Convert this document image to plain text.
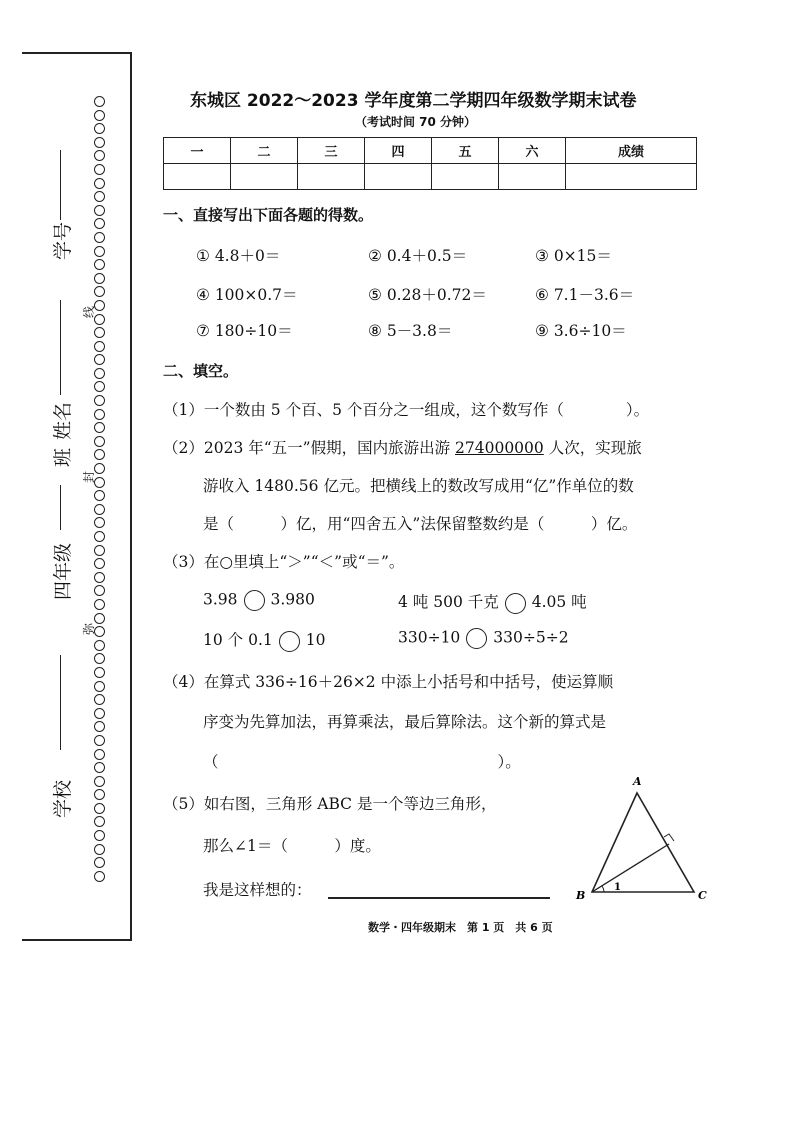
学校
四年级
班
姓名
学号
弥
封
线
东城区 2022～2023 学年度第二学期四年级数学期末试卷
（考试时间 70 分钟）
一	二	三	四	五	六	成绩

一、直接写出下面各题的得数。
① 4.8＋0＝	② 0.4＋0.5＝	③ 0×15＝
④ 100×0.7＝	⑤ 0.28＋0.72＝	⑥ 7.1－3.6＝
⑦ 180÷10＝	⑧ 5－3.8＝	⑨ 3.6÷10＝
二、填空。
（1）一个数由 5 个百、5 个百分之一组成，这个数写作（　　　　）。
（2）2023 年“五一”假期，国内旅游出游 274000000 人次，实现旅
游收入 1480.56 亿元。把横线上的数改写成用“亿”作单位的数
是（　　　）亿，用“四舍五入”法保留整数约是（　　　）亿。
（3）在○里填上“＞”“＜”或“＝”。
3.98 3.980	4 吨 500 千克 4.05 吨
10 个 0.1 10	330÷10 330÷5÷2
（4）在算式 336÷16＋26×2 中添上小括号和中括号，使运算顺
序变为先算加法，再算乘法，最后算除法。这个新的算式是
（　　　　　　　　　　　　　　　　　　）。
（5）如右图，三角形 ABC 是一个等边三角形，
那么∠1＝（　　　）度。
我是这样想的：
A
B	C
1
数学・四年级期末　第 1 页　共 6 页
